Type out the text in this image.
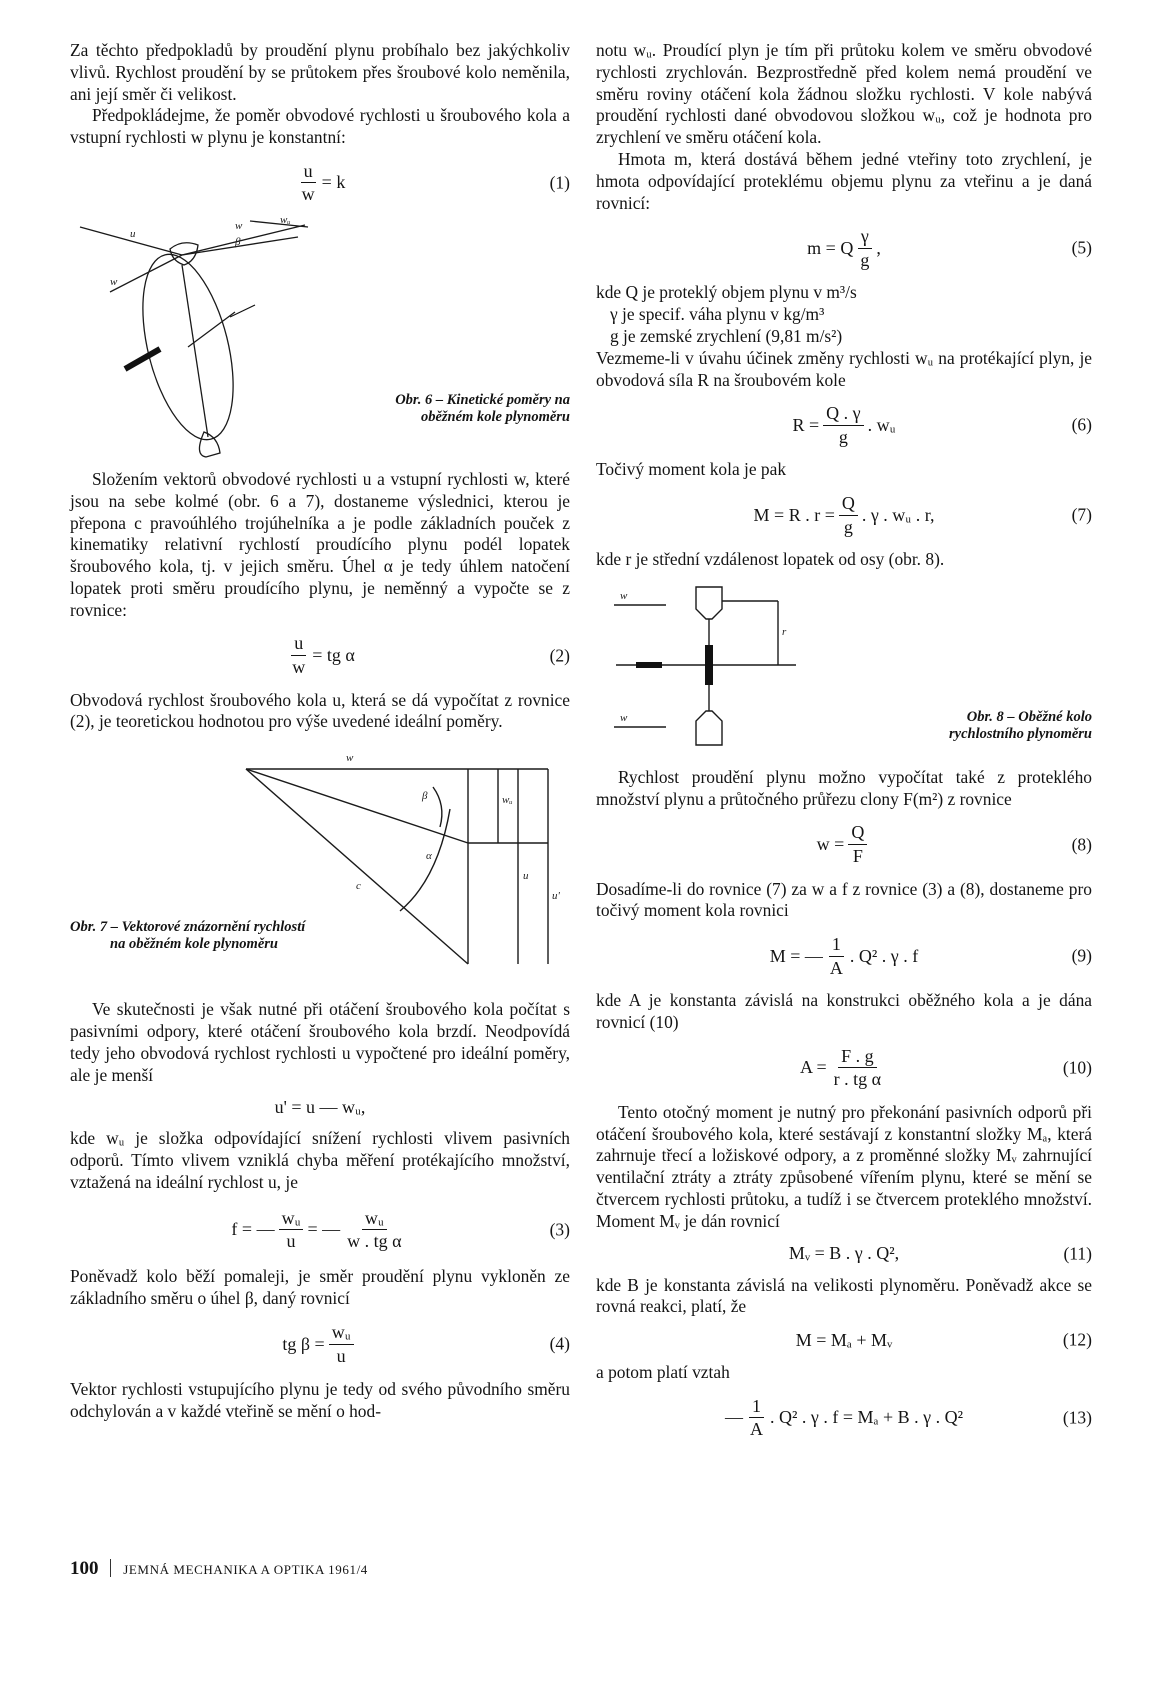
Za těchto předpokladů by proudění plynu probíhalo bez jakýchkoliv vlivů. Rychlost proudění by se průtokem přes šroubové kolo neměnila, ani její směr či velikost.

Předpokládejme, že poměr obvodové rychlosti u šroubového kola a vstupní rychlosti w plynu je konstantní:

$\frac{u}{w} = k$	(1)
u
w	wᵤ
β
w
Obr. 6 – Kinetické poměry na
oběžném kole plynoměru

Složením vektorů obvodové rychlosti u a vstupní rychlosti w, které jsou na sebe kolmé (obr. 6 a 7), dostaneme výslednici, kterou je přepona c pravoúhlého trojúhelníka a je podle základních pouček z kinematiky relativní rychlostí proudícího plynu podél lopatek šroubového kola, tj. v jejich směru. Úhel α je tedy úhlem natočení lopatek proti směru proudícího plynu, je neměnný a vypočte se z rovnice:

$\frac{u}{w}$ = tg α	(2)

Obvodová rychlost šroubového kola u, která se dá vypočítat z rovnice (2), je teoretickou hodnotou pro výše uvedené ideální poměry.

w
β
α
c
wᵤ
u
u'
Obr. 7 – Vektorové znázornění rychlostí
na oběžném kole plynoměru

Ve skutečnosti je však nutné při otáčení šroubového kola počítat s pasivními odpory, které otáčení šroubového kola brzdí. Neodpovídá tedy jeho obvodová rychlost rychlosti u vypočtené pro ideální poměry, ale je menší

u' = u — wᵤ,

kde wᵤ je složka odpovídající snížení rychlosti vlivem pasivních odporů. Tímto vlivem vzniklá chyba měření protékajícího množství, vztažená na ideální rychlost u, je

f = — $\frac{\text{wᵤ}}{u}$ = — $\frac{\text{wᵤ}}{\text{w . tg α}}$	(3)

Poněvadž kolo běží pomaleji, je směr proudění plynu vykloněn ze základního směru o úhel β, daný rovnicí

tg $\beta = \frac{\text{wᵤ}}{u}$	(4)

Vektor rychlosti vstupujícího plynu je tedy od svého původního směru odchylován a v každé vteřině se mění o hod-

notu wᵤ. Proudící plyn je tím při průtoku kolem ve směru obvodové rychlosti zrychlován. Bezprostředně před kolem nemá proudění ve směru roviny otáčení kola žádnou složku rychlosti. V kole nabývá proudění rychlosti dané obvodovou složkou wᵤ, což je hodnota pro zrychlení ve směru otáčení kola.

Hmota m, která dostává během jedné vteřiny toto zrychlení, je hmota odpovídající proteklému objemu plynu za vteřinu a je daná rovnicí:

m = Q $\frac{\gamma}{g}$ ,	(5)

kde Q je proteklý objem plynu v m³/s

γ je specif. váha plynu v kg/m³

g je zemské zrychlení (9,81 m/s²)

Vezmeme-li v úvahu účinek změny rychlosti wᵤ na protékající plyn, je obvodová síla R na šroubovém kole

$R = \frac{Q . \gamma}{g}$ . wᵤ	(6)

Točivý moment kola je pak

M = R . $r = \frac{Q}{g}$ . γ . wᵤ . r,	(7)

kde r je střední vzdálenost lopatek od osy (obr. 8).

w
w
r
Obr. 8 – Oběžné kolo
rychlostního plynoměru

Rychlost proudění plynu možno vypočítat také z proteklého množství plynu a průtočného průřezu clony F(m²) z rovnice

$w = \frac{Q}{F}$	(8)

Dosadíme-li do rovnice (7) za w a f z rovnice (3) a (8), dostaneme pro točivý moment kola rovnici

M = — $\frac{1}{A}$ . Q² . γ . f	(9)

kde A je konstanta závislá na konstrukci oběžného kola a je dána rovnicí (10)

$A = \frac{F . g}{\text{r . tg α}}$	(10)

Tento otočný moment je nutný pro překonání pasivních odporů při otáčení šroubového kola, které sestávají z konstantní složky Mₐ, která zahrnuje třecí a ložiskové odpory, a z proměnné složky Mᵥ zahrnující ventilační ztráty a ztráty způsobené vířením plynu, které se mění se čtvercem rychlosti průtoku, a tudíž i se čtvercem proteklého množství. Moment Mᵥ je dán rovnicí

Mᵥ = B . γ . Q²,	(11)

kde B je konstanta závislá na velikosti plynoměru. Poněvadž akce se rovná reakci, platí, že

M = Mₐ + Mᵥ	(12)

a potom platí vztah

— $\frac{1}{A}$ . Q² . γ . f = Mₐ + B . γ . Q²	(13)
100 JEMNÁ MECHANIKA A OPTIKA 1961/4
